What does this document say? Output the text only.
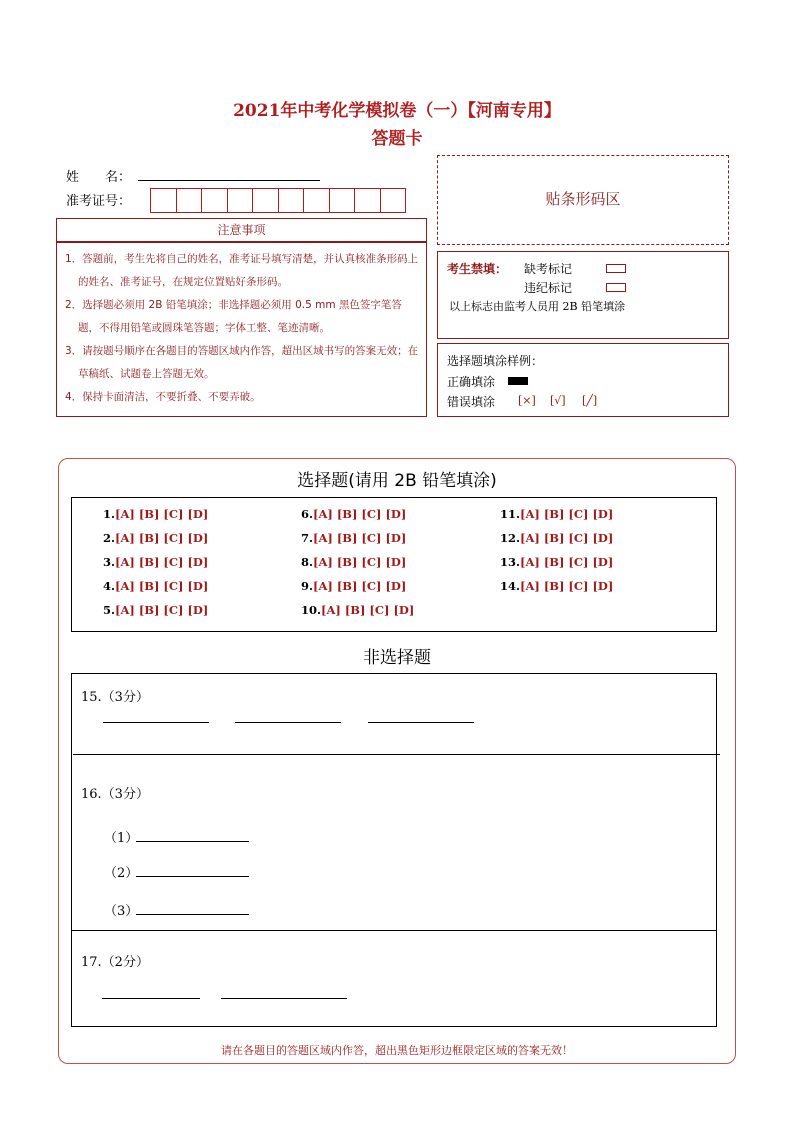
2021年中考化学模拟卷（一）【河南专用】
答题卡
姓　　名：
准考证号：
注意事项
1．答题前，考生先将自己的姓名，准考证号填写清楚，并认真核准条形码上的姓名、准考证号，在规定位置贴好条形码。
2．选择题必须用 2B 铅笔填涂；非选择题必须用 0.5 mm 黑色签字笔答题，不得用铅笔或圆珠笔答题；字体工整、笔迹清晰。
3．请按题号顺序在各题目的答题区域内作答，超出区域书写的答案无效；在草稿纸、试题卷上答题无效。
4．保持卡面清洁，不要折叠、不要弄破。
贴条形码区
考生禁填： 缺考标记
违纪标记
以上标志由监考人员用 2B 铅笔填涂
选择题填涂样例：
正确填涂
错误填涂 [×] [√] [╱]
选择题(请用 2B 铅笔填涂)
1.[A] [B] [C] [D]
2.[A] [B] [C] [D]
3.[A] [B] [C] [D]
4.[A] [B] [C] [D]
5.[A] [B] [C] [D]
6.[A] [B] [C] [D]
7.[A] [B] [C] [D]
8.[A] [B] [C] [D]
9.[A] [B] [C] [D]
10.[A] [B] [C] [D]
11.[A] [B] [C] [D]
12.[A] [B] [C] [D]
13.[A] [B] [C] [D]
14.[A] [B] [C] [D]
非选择题
15.（3分）
16.（3分）
（1）
（2）
（3）
17.（2分）
请在各题目的答题区域内作答，超出黑色矩形边框限定区域的答案无效！
